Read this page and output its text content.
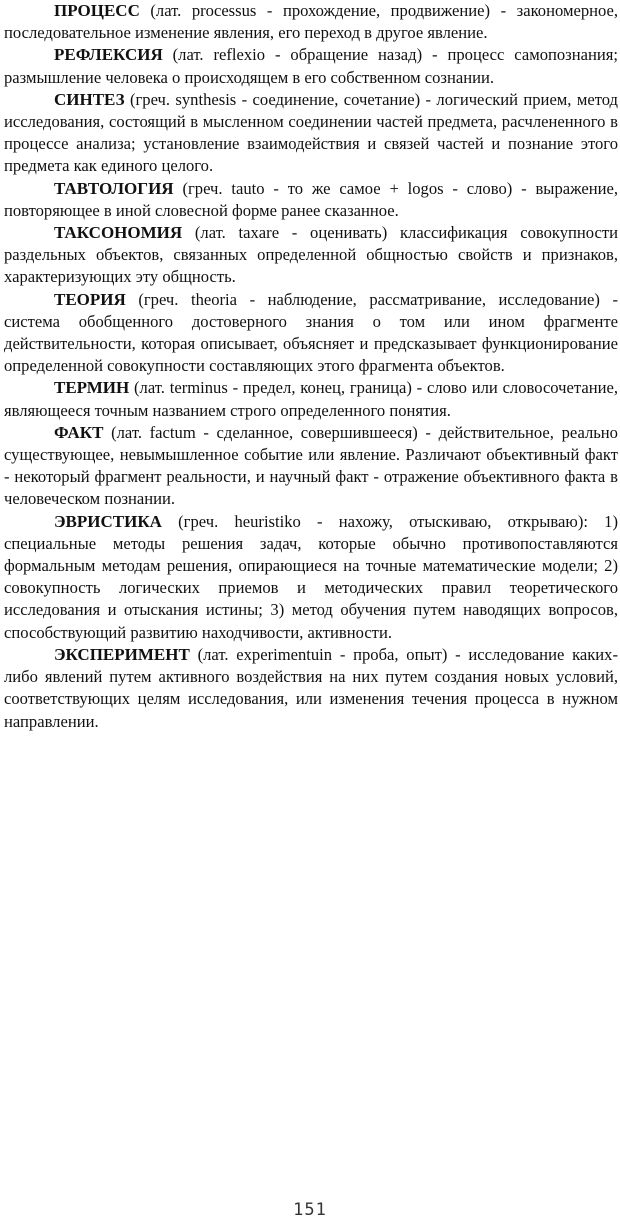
ПРОЦЕСС (лат. processus - прохождение, продвижение) - закономерное, последовательное изменение явления, его переход в другое явление.

РЕФЛЕКСИЯ (лат. reflexio - обращение назад) - процесс самопознания; размышление человека о происходящем в его собственном сознании.

СИНТЕЗ (греч. synthesis - соединение, сочетание) - логический прием, метод исследования, состоящий в мысленном соединении частей предмета, расчлененного в процессе анализа; установление взаимодействия и связей частей и познание этого предмета как единого целого.

ТАВТОЛОГИЯ (греч. tauto - то же самое + logos - слово) - выражение, повторяющее в иной словесной форме ранее сказанное.

ТАКСОНОМИЯ (лат. taxare - оценивать) классификация совокупности раздельных объектов, связанных определенной общностью свойств и признаков, характеризующих эту общность.

ТЕОРИЯ (греч. theoria - наблюдение, рассматривание, исследование) - система обобщенного достоверного знания о том или ином фрагменте действительности, которая описывает, объясняет и предсказывает функционирование определенной совокупности составляющих этого фрагмента объектов.

ТЕРМИН (лат. terminus - предел, конец, граница) - слово или словосочетание, являющееся точным названием строго определенного понятия.

ФАКТ (лат. factum - сделанное, совершившееся) - действительное, реально существующее, невымышленное событие или явление. Различают объективный факт - некоторый фрагмент реальности, и научный факт - отражение объективного факта в человеческом познании.

ЭВРИСТИКА (греч. heuristiko - нахожу, отыскиваю, открываю): 1) специальные методы решения задач, которые обычно противопоставляются формальным методам решения, опирающиеся на точные математические модели; 2) совокупность логических приемов и методических правил теоретического исследования и отыскания истины; 3) метод обучения путем наводящих вопросов, способствующий развитию находчивости, активности.

ЭКСПЕРИМЕНТ (лат. experimentuin - проба, опыт) - исследование каких-либо явлений путем активного воздействия на них путем создания новых условий, соответствующих целям исследования, или изменения течения процесса в нужном направлении.

151
